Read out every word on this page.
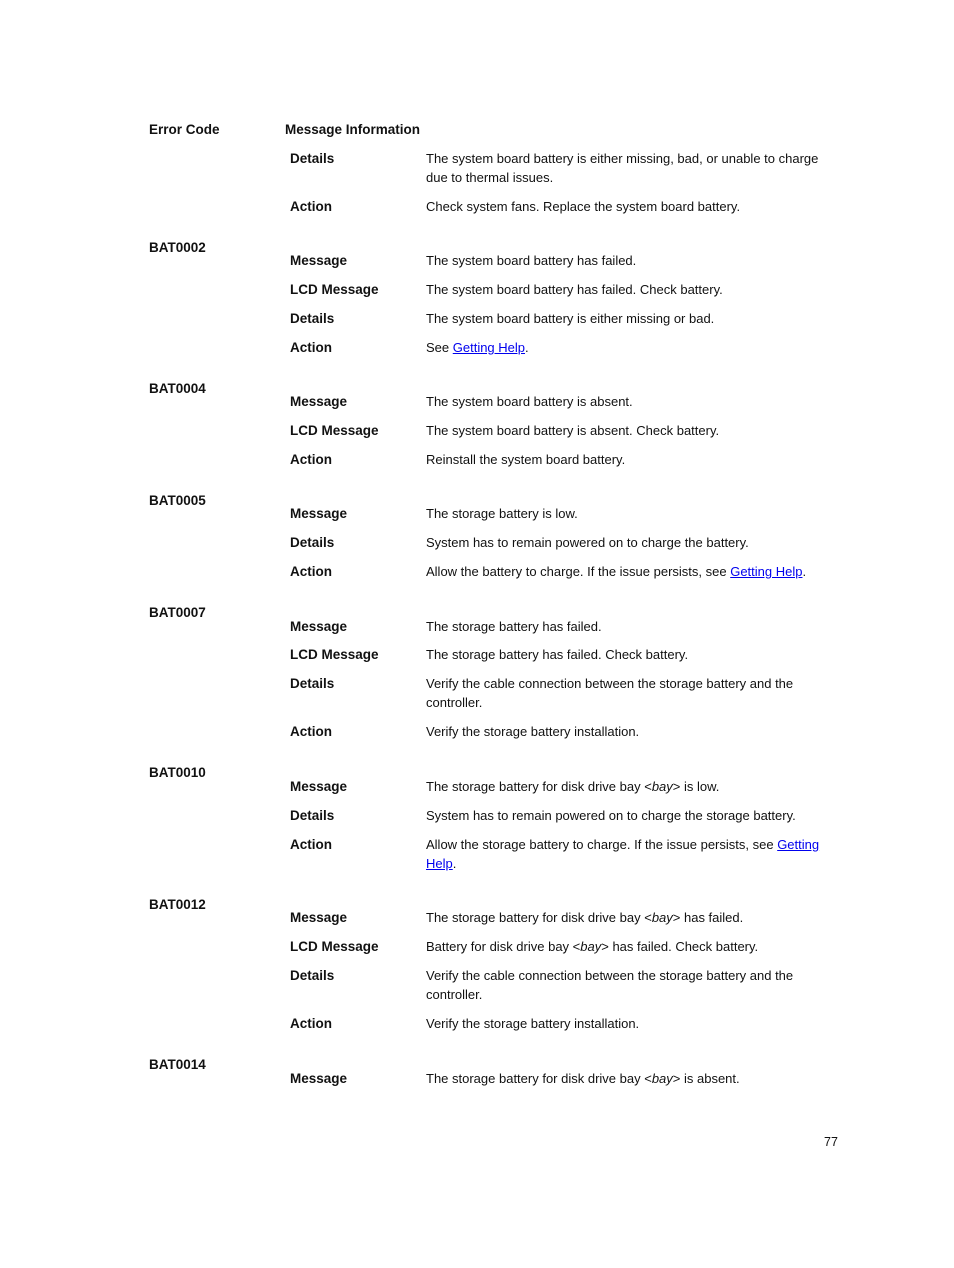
Error Code	Message Information
Details	The system board battery is either missing, bad, or unable to charge due to thermal issues.
Action	Check system fans. Replace the system board battery.
BAT0002
Message	The system board battery has failed.
LCD Message	The system board battery has failed. Check battery.
Details	The system board battery is either missing or bad.
Action	See Getting Help.
BAT0004
Message	The system board battery is absent.
LCD Message	The system board battery is absent. Check battery.
Action	Reinstall the system board battery.
BAT0005
Message	The storage battery is low.
Details	System has to remain powered on to charge the battery.
Action	Allow the battery to charge. If the issue persists, see Getting Help.
BAT0007
Message	The storage battery has failed.
LCD Message	The storage battery has failed. Check battery.
Details	Verify the cable connection between the storage battery and the controller.
Action	Verify the storage battery installation.
BAT0010
Message	The storage battery for disk drive bay <bay> is low.
Details	System has to remain powered on to charge the storage battery.
Action	Allow the storage battery to charge. If the issue persists, see Getting
Help.
BAT0012
Message	The storage battery for disk drive bay <bay> has failed.
LCD Message	Battery for disk drive bay <bay> has failed. Check battery.
Details	Verify the cable connection between the storage battery and the controller.
Action	Verify the storage battery installation.
BAT0014
Message	The storage battery for disk drive bay <bay> is absent.
77
